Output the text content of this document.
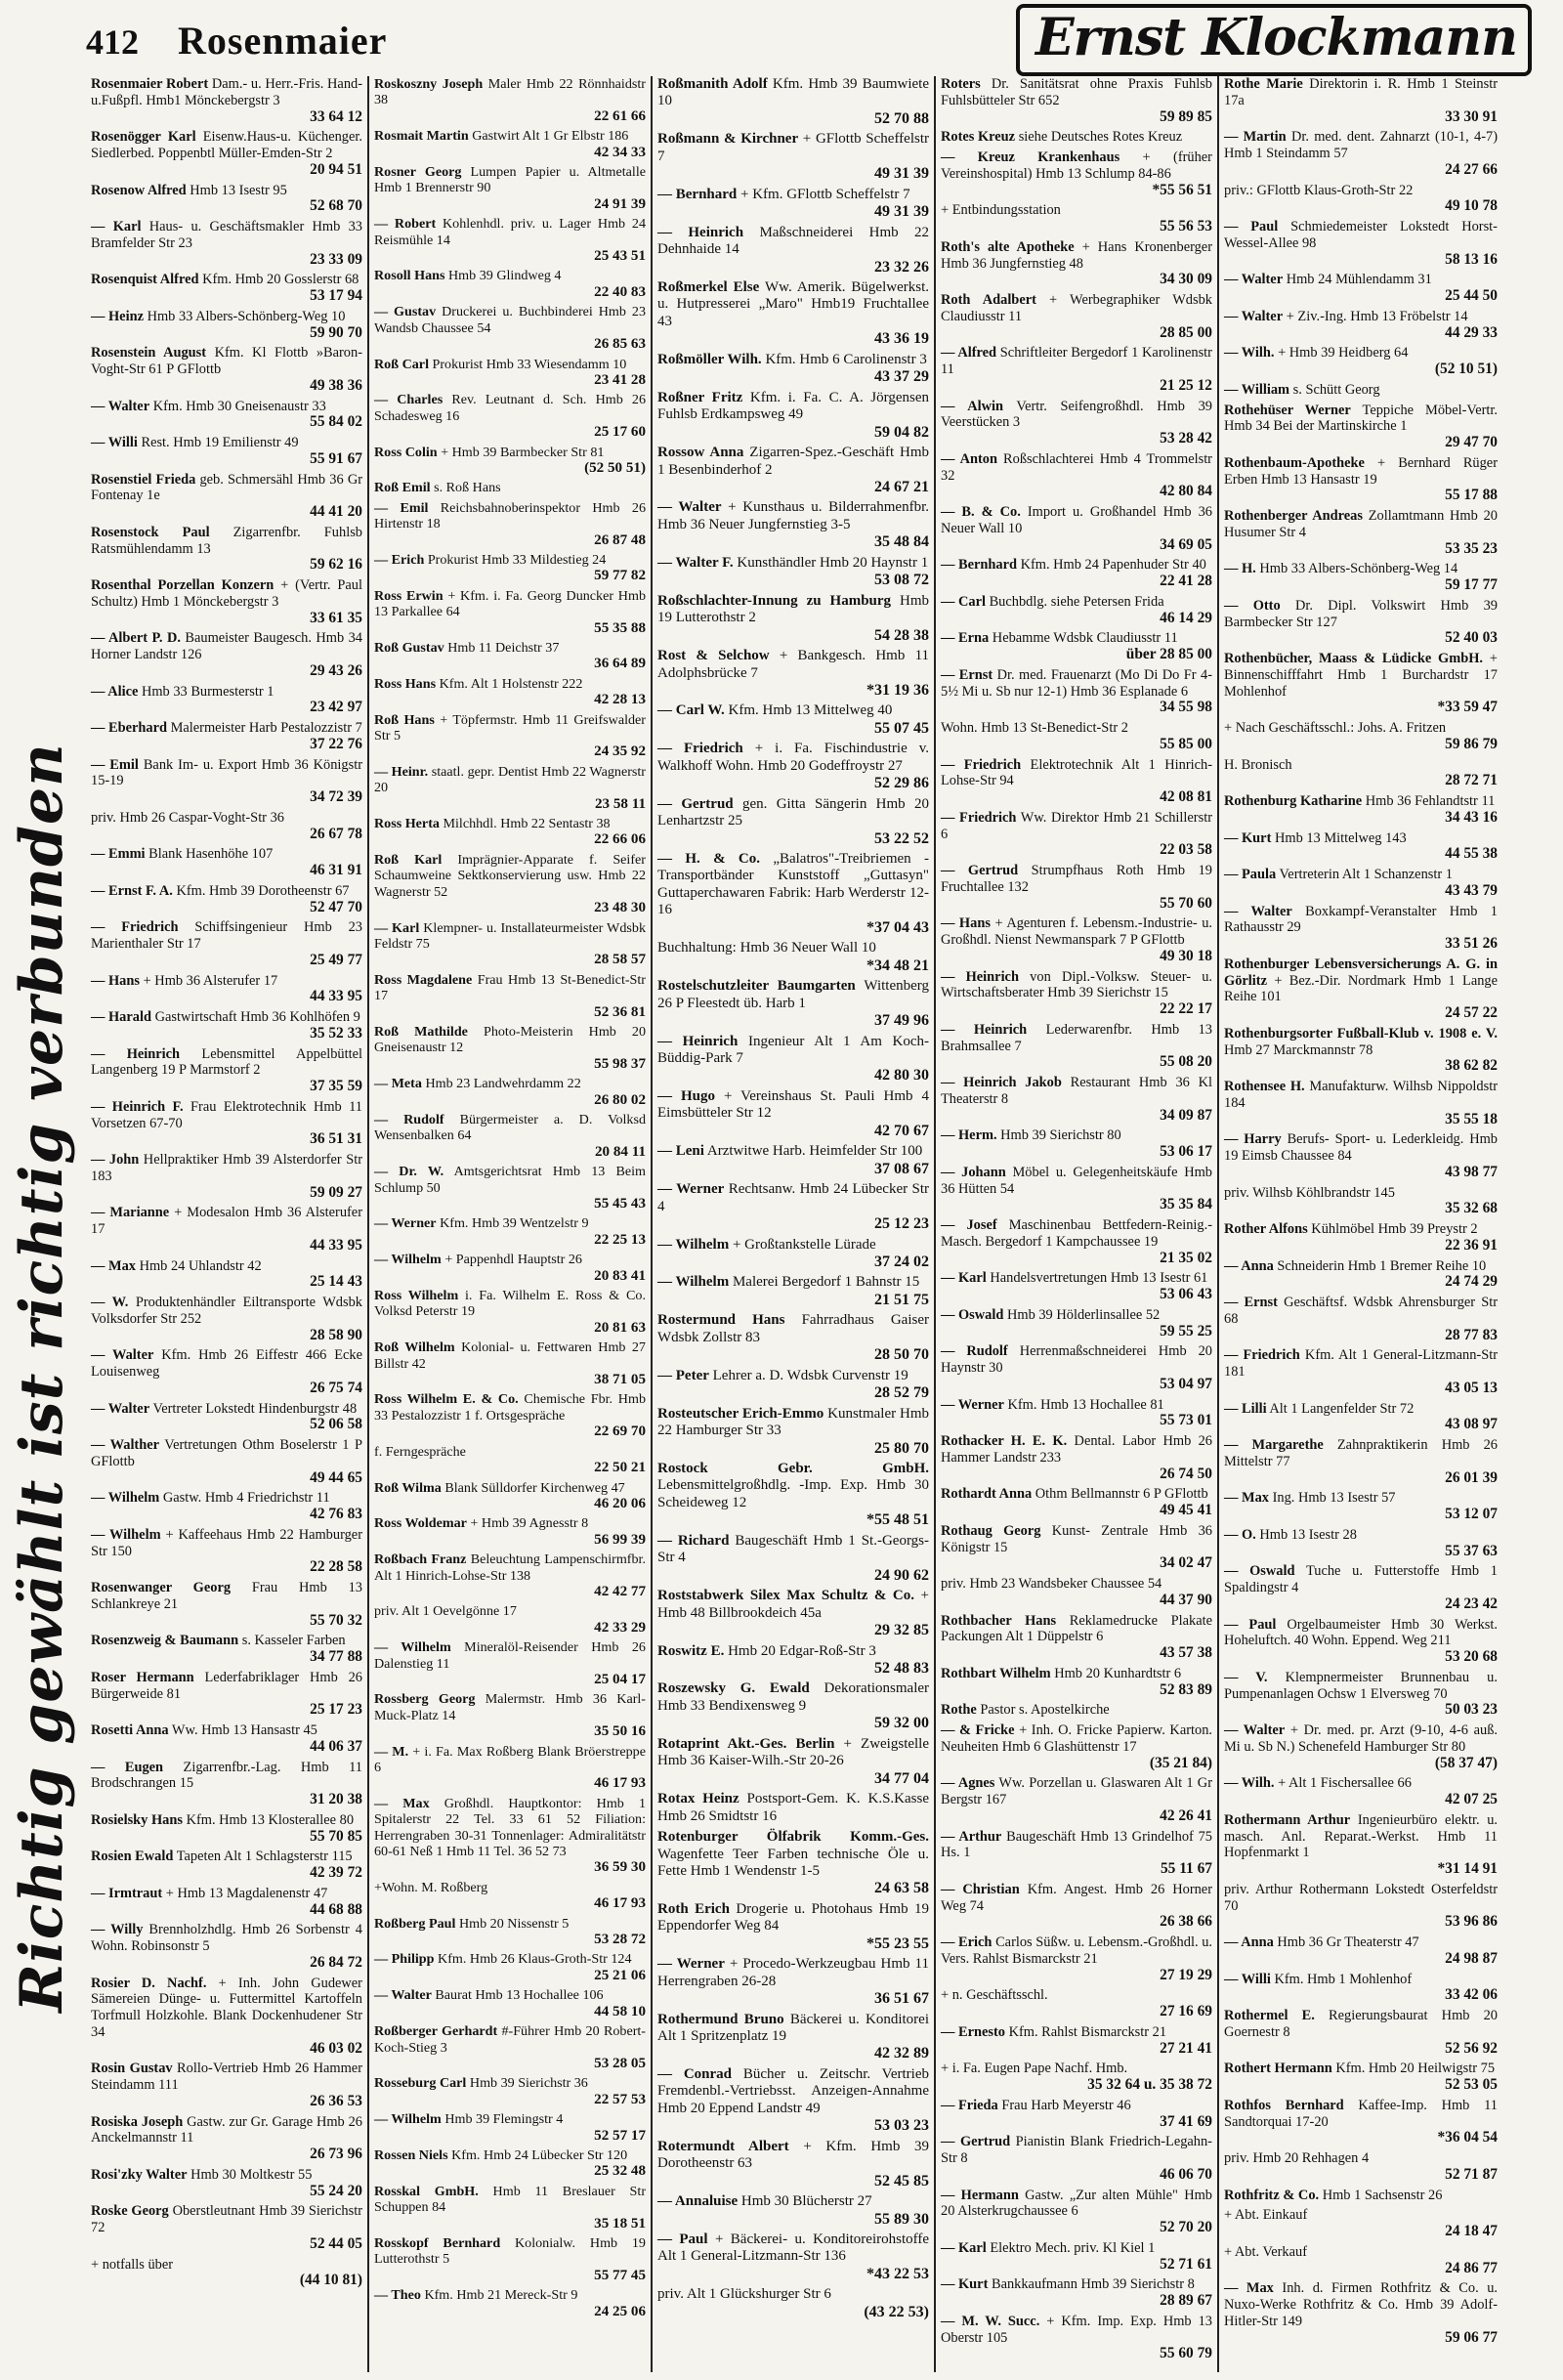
412 Rosenmaier	Ernst Klockmann
Richtig gewählt ist richtig verbunden
Rosenmaier Robert Dam.- u. Herr.-Fris. Hand-u.Fußpfl. Hmb1 Mönckebergstr 3
33 64 12
Rosenögger Karl Eisenw.Haus-u. Küchenger. Siedlerbed. Poppenbtl Müller-Emden-Str 2
20 94 51
Rosenow Alfred Hmb 13 Isestr 95
52 68 70
— Karl Haus- u. Geschäftsmakler Hmb 33 Bramfelder Str 23
23 33 09
Rosenquist Alfred Kfm. Hmb 20 Gosslerstr 68
53 17 94
— Heinz Hmb 33 Albers-Schönberg-Weg 10
59 90 70
Rosenstein August Kfm. Kl Flottb »Baron-Voght-Str 61 P GFlottb
49 38 36
— Walter Kfm. Hmb 30 Gneisenaustr 33
55 84 02
— Willi Rest. Hmb 19 Emilienstr 49
55 91 67
Rosenstiel Frieda geb. Schmersähl Hmb 36 Gr Fontenay 1e
44 41 20
Rosenstock Paul Zigarrenfbr. Fuhlsb Ratsmühlendamm 13
59 62 16
Rosenthal Porzellan Konzern + (Vertr. Paul Schultz) Hmb 1 Mönckebergstr 3
33 61 35
— Albert P. D. Baumeister Baugesch. Hmb 34 Horner Landstr 126
29 43 26
— Alice Hmb 33 Burmesterstr 1
23 42 97
— Eberhard Malermeister Harb Pestalozzistr 7
37 22 76
— Emil Bank Im- u. Export Hmb 36 Königstr 15-19
34 72 39
priv. Hmb 26 Caspar-Voght-Str 36
26 67 78
— Emmi Blank Hasenhöhe 107
46 31 91
— Ernst F. A. Kfm. Hmb 39 Dorotheenstr 67
52 47 70
— Friedrich Schiffsingenieur Hmb 23 Marienthaler Str 17
25 49 77
— Hans + Hmb 36 Alsterufer 17
44 33 95
— Harald Gastwirtschaft Hmb 36 Kohlhöfen 9
35 52 33
— Heinrich Lebensmittel Appelbüttel Langenberg 19 P Marmstorf 2
37 35 59
— Heinrich F. Frau Elektrotechnik Hmb 11 Vorsetzen 67-70
36 51 31
— John Hellpraktiker Hmb 39 Alsterdorfer Str 183
59 09 27
— Marianne + Modesalon Hmb 36 Alsterufer 17
44 33 95
— Max Hmb 24 Uhlandstr 42
25 14 43
— W. Produktenhändler Eiltransporte Wdsbk Volksdorfer Str 252
28 58 90
— Walter Kfm. Hmb 26 Eiffestr 466 Ecke Louisenweg
26 75 74
— Walter Vertreter Lokstedt Hindenburgstr 48
52 06 58
— Walther Vertretungen Othm Boselerstr 1 P GFlottb
49 44 65
— Wilhelm Gastw. Hmb 4 Friedrichstr 11
42 76 83
— Wilhelm + Kaffeehaus Hmb 22 Hamburger Str 150
22 28 58
Rosenwanger Georg Frau Hmb 13 Schlankreye 21
55 70 32
Rosenzweig & Baumann s. Kasseler Farben
34 77 88
Roser Hermann Lederfabriklager Hmb 26 Bürgerweide 81
25 17 23
Rosetti Anna Ww. Hmb 13 Hansastr 45
44 06 37
— Eugen Zigarrenfbr.-Lag. Hmb 11 Brodschrangen 15
31 20 38
Rosielsky Hans Kfm. Hmb 13 Klosterallee 80
55 70 85
Rosien Ewald Tapeten Alt 1 Schlagsterstr 115
42 39 72
— Irmtraut + Hmb 13 Magdalenenstr 47
44 68 88
— Willy Brennholzhdlg. Hmb 26 Sorbenstr 4 Wohn. Robinsonstr 5
26 84 72
Rosier D. Nachf. + Inh. John Gudewer Sämereien Dünge- u. Futtermittel Kartoffeln Torfmull Holzkohle. Blank Dockenhudener Str 34
46 03 02
Rosin Gustav Rollo-Vertrieb Hmb 26 Hammer Steindamm 111
26 36 53
Rosiska Joseph Gastw. zur Gr. Garage Hmb 26 Anckelmannstr 11
26 73 96
Rosi'zky Walter Hmb 30 Moltkestr 55
55 24 20
Roske Georg Oberstleutnant Hmb 39 Sierichstr 72
52 44 05
+ notfalls über
(44 10 81)
Roskoszny Joseph Maler Hmb 22 Rönnhaidstr 38
22 61 66
Rosmait Martin Gastwirt Alt 1 Gr Elbstr 186
42 34 33
Rosner Georg Lumpen Papier u. Altmetalle Hmb 1 Brennerstr 90
24 91 39
— Robert Kohlenhdl. priv. u. Lager Hmb 24 Reismühle 14
25 43 51
Rosoll Hans Hmb 39 Glindweg 4
22 40 83
— Gustav Druckerei u. Buchbinderei Hmb 23 Wandsb Chaussee 54
26 85 63
Roß Carl Prokurist Hmb 33 Wiesendamm 10
23 41 28
— Charles Rev. Leutnant d. Sch. Hmb 26 Schadesweg 16
25 17 60
Ross Colin + Hmb 39 Barmbecker Str 81
(52 50 51)
Roß Emil s. Roß Hans
— Emil Reichsbahnoberinspektor Hmb 26 Hirtenstr 18
26 87 48
— Erich Prokurist Hmb 33 Mildestieg 24
59 77 82
Ross Erwin + Kfm. i. Fa. Georg Duncker Hmb 13 Parkallee 64
55 35 88
Roß Gustav Hmb 11 Deichstr 37
36 64 89
Ross Hans Kfm. Alt 1 Holstenstr 222
42 28 13
Roß Hans + Töpfermstr. Hmb 11 Greifswalder Str 5
24 35 92
— Heinr. staatl. gepr. Dentist Hmb 22 Wagnerstr 20
23 58 11
Ross Herta Milchhdl. Hmb 22 Sentastr 38
22 66 06
Roß Karl Imprägnier-Apparate f. Seifer Schaumweine Sektkonservierung usw. Hmb 22 Wagnerstr 52
23 48 30
— Karl Klempner- u. Installateurmeister Wdsbk Feldstr 75
28 58 57
Ross Magdalene Frau Hmb 13 St-Benedict-Str 17
52 36 81
Roß Mathilde Photo-Meisterin Hmb 20 Gneisenaustr 12
55 98 37
— Meta Hmb 23 Landwehrdamm 22
26 80 02
— Rudolf Bürgermeister a. D. Volksd Wensenbalken 64
20 84 11
— Dr. W. Amtsgerichtsrat Hmb 13 Beim Schlump 50
55 45 43
— Werner Kfm. Hmb 39 Wentzelstr 9
22 25 13
— Wilhelm + Pappenhdl Hauptstr 26
20 83 41
Ross Wilhelm i. Fa. Wilhelm E. Ross & Co. Volksd Peterstr 19
20 81 63
Roß Wilhelm Kolonial- u. Fettwaren Hmb 27 Billstr 42
38 71 05
Ross Wilhelm E. & Co. Chemische Fbr. Hmb 33 Pestalozzistr 1 f. Ortsgespräche
22 69 70
f. Ferngespräche
22 50 21
Roß Wilma Blank Sülldorfer Kirchenweg 47
46 20 06
Ross Woldemar + Hmb 39 Agnesstr 8
56 99 39
Roßbach Franz Beleuchtung Lampenschirmfbr. Alt 1 Hinrich-Lohse-Str 138
42 42 77
priv. Alt 1 Oevelgönne 17
42 33 29
— Wilhelm Mineralöl-Reisender Hmb 26 Dalenstieg 11
25 04 17
Rossberg Georg Malermstr. Hmb 36 Karl-Muck-Platz 14
35 50 16
— M. + i. Fa. Max Roßberg Blank Bröerstreppe 6
46 17 93
— Max Großhdl. Hauptkontor: Hmb 1 Spitalerstr 22 Tel. 33 61 52 Filiation: Herrengraben 30-31 Tonnenlager: Admiralitätstr 60-61 Neß 1 Hmb 11 Tel. 36 52 73
36 59 30
+Wohn. M. Roßberg
46 17 93
Roßberg Paul Hmb 20 Nissenstr 5
53 28 72
— Philipp Kfm. Hmb 26 Klaus-Groth-Str 124
25 21 06
— Walter Baurat Hmb 13 Hochallee 106
44 58 10
Roßberger Gerhardt #-Führer Hmb 20 Robert-Koch-Stieg 3
53 28 05
Rosseburg Carl Hmb 39 Sierichstr 36
22 57 53
— Wilhelm Hmb 39 Flemingstr 4
52 57 17
Rossen Niels Kfm. Hmb 24 Lübecker Str 120
25 32 48
Rosskal GmbH. Hmb 11 Breslauer Str Schuppen 84
35 18 51
Rosskopf Bernhard Kolonialw. Hmb 19 Lutterothstr 5
55 77 45
— Theo Kfm. Hmb 21 Mereck-Str 9
24 25 06
Roßmanith Adolf Kfm. Hmb 39 Baumwiete 10
52 70 88
Roßmann & Kirchner + GFlottb Scheffelstr 7
49 31 39
— Bernhard + Kfm. GFlottb Scheffelstr 7
49 31 39
— Heinrich Maßschneiderei Hmb 22 Dehnhaide 14
23 32 26
Roßmerkel Else Ww. Amerik. Bügelwerkst. u. Hutpresserei „Maro" Hmb19 Fruchtallee 43
43 36 19
Roßmöller Wilh. Kfm. Hmb 6 Carolinenstr 3
43 37 29
Roßner Fritz Kfm. i. Fa. C. A. Jörgensen Fuhlsb Erdkampsweg 49
59 04 82
Rossow Anna Zigarren-Spez.-Geschäft Hmb 1 Besenbinderhof 2
24 67 21
— Walter + Kunsthaus u. Bilderrahmenfbr. Hmb 36 Neuer Jungfernstieg 3-5
35 48 84
— Walter F. Kunsthändler Hmb 20 Haynstr 1
53 08 72
Roßschlachter-Innung zu Hamburg Hmb 19 Lutterothstr 2
54 28 38
Rost & Selchow + Bankgesch. Hmb 11 Adolphsbrücke 7
*31 19 36
— Carl W. Kfm. Hmb 13 Mittelweg 40
55 07 45
— Friedrich + i. Fa. Fischindustrie v. Walkhoff Wohn. Hmb 20 Godeffroystr 27
52 29 86
— Gertrud gen. Gitta Sängerin Hmb 20 Lenhartzstr 25
53 22 52
— H. & Co. „Balatros"-Treibriemen - Transportbänder Kunststoff „Guttasyn" Guttaperchawaren Fabrik: Harb Werderstr 12-16
*37 04 43
Buchhaltung: Hmb 36 Neuer Wall 10
*34 48 21
Rostelschutzleiter Baumgarten Wittenberg 26 P Fleestedt üb. Harb 1
37 49 96
— Heinrich Ingenieur Alt 1 Am Koch-Büddig-Park 7
42 80 30
— Hugo + Vereinshaus St. Pauli Hmb 4 Eimsbütteler Str 12
42 70 67
— Leni Arztwitwe Harb. Heimfelder Str 100
37 08 67
— Werner Rechtsanw. Hmb 24 Lübecker Str 4
25 12 23
— Wilhelm + Großtankstelle Lürade
37 24 02
— Wilhelm Malerei Bergedorf 1 Bahnstr 15
21 51 75
Rostermund Hans Fahrradhaus Gaiser Wdsbk Zollstr 83
28 50 70
— Peter Lehrer a. D. Wdsbk Curvenstr 19
28 52 79
Rosteutscher Erich-Emmo Kunstmaler Hmb 22 Hamburger Str 33
25 80 70
Rostock Gebr. GmbH. Lebensmittelgroßhdlg. -Imp. Exp. Hmb 30 Scheideweg 12
*55 48 51
— Richard Baugeschäft Hmb 1 St.-Georgs-Str 4
24 90 62
Roststabwerk Silex Max Schultz & Co. + Hmb 48 Billbrookdeich 45a
29 32 85
Roswitz E. Hmb 20 Edgar-Roß-Str 3
52 48 83
Roszewsky G. Ewald Dekorationsmaler Hmb 33 Bendixensweg 9
59 32 00
Rotaprint Akt.-Ges. Berlin + Zweigstelle Hmb 36 Kaiser-Wilh.-Str 20-26
34 77 04
Rotax Heinz Postsport-Gem. K. K.S.Kasse Hmb 26 Smidtstr 16
Rotenburger Ölfabrik Komm.-Ges. Wagenfette Teer Farben technische Öle u. Fette Hmb 1 Wendenstr 1-5
24 63 58
Roth Erich Drogerie u. Photohaus Hmb 19 Eppendorfer Weg 84
*55 23 55
— Werner + Procedo-Werkzeugbau Hmb 11 Herrengraben 26-28
36 51 67
Rothermund Bruno Bäckerei u. Konditorei Alt 1 Spritzenplatz 19
42 32 89
— Conrad Bücher u. Zeitschr. Vertrieb Fremdenbl.-Vertriebsst. Anzeigen-Annahme Hmb 20 Eppend Landstr 49
53 03 23
Rotermundt Albert + Kfm. Hmb 39 Dorotheenstr 63
52 45 85
— Annaluise Hmb 30 Blücherstr 27
55 89 30
— Paul + Bäckerei- u. Konditoreirohstoffe Alt 1 General-Litzmann-Str 136
*43 22 53
priv. Alt 1 Glückshurger Str 6
(43 22 53)
Roters Dr. Sanitätsrat ohne Praxis Fuhlsb Fuhlsbütteler Str 652
59 89 85
Rotes Kreuz siehe Deutsches Rotes Kreuz
— Kreuz Krankenhaus + (früher Vereinshospital) Hmb 13 Schlump 84-86
*55 56 51
+ Entbindungsstation
55 56 53
Roth's alte Apotheke + Hans Kronenberger Hmb 36 Jungfernstieg 48
34 30 09
Roth Adalbert + Werbegraphiker Wdsbk Claudiusstr 11
28 85 00
— Alfred Schriftleiter Bergedorf 1 Karolinenstr 11
21 25 12
— Alwin Vertr. Seifengroßhdl. Hmb 39 Veerstücken 3
53 28 42
— Anton Roßschlachterei Hmb 4 Trommelstr 32
42 80 84
— B. & Co. Import u. Großhandel Hmb 36 Neuer Wall 10
34 69 05
— Bernhard Kfm. Hmb 24 Papenhuder Str 40
22 41 28
— Carl Buchbdlg. siehe Petersen Frida
46 14 29
— Erna Hebamme Wdsbk Claudiusstr 11
über 28 85 00
— Ernst Dr. med. Frauenarzt (Mo Di Do Fr 4-5½ Mi u. Sb nur 12-1) Hmb 36 Esplanade 6
34 55 98
Wohn. Hmb 13 St-Benedict-Str 2
55 85 00
— Friedrich Elektrotechnik Alt 1 Hinrich-Lohse-Str 94
42 08 81
— Friedrich Ww. Direktor Hmb 21 Schillerstr 6
22 03 58
— Gertrud Strumpfhaus Roth Hmb 19 Fruchtallee 132
55 70 60
— Hans + Agenturen f. Lebensm.-Industrie- u. Großhdl. Nienst Newmanspark 7 P GFlottb
49 30 18
— Heinrich von Dipl.-Volksw. Steuer- u. Wirtschaftsberater Hmb 39 Sierichstr 15
22 22 17
— Heinrich Lederwarenfbr. Hmb 13 Brahmsallee 7
55 08 20
— Heinrich Jakob Restaurant Hmb 36 Kl Theaterstr 8
34 09 87
— Herm. Hmb 39 Sierichstr 80
53 06 17
— Johann Möbel u. Gelegenheitskäufe Hmb 36 Hütten 54
35 35 84
— Josef Maschinenbau Bettfedern-Reinig.-Masch. Bergedorf 1 Kampchaussee 19
21 35 02
— Karl Handelsvertretungen Hmb 13 Isestr 61
53 06 43
— Oswald Hmb 39 Hölderlinsallee 52
59 55 25
— Rudolf Herrenmaßschneiderei Hmb 20 Haynstr 30
53 04 97
— Werner Kfm. Hmb 13 Hochallee 81
55 73 01
Rothacker H. E. K. Dental. Labor Hmb 26 Hammer Landstr 233
26 74 50
Rothardt Anna Othm Bellmannstr 6 P GFlottb
49 45 41
Rothaug Georg Kunst- Zentrale Hmb 36 Königstr 15
34 02 47
priv. Hmb 23 Wandsbeker Chaussee 54
44 37 90
Rothbacher Hans Reklamedrucke Plakate Packungen Alt 1 Düppelstr 6
43 57 38
Rothbart Wilhelm Hmb 20 Kunhardtstr 6
52 83 89
Rothe Pastor s. Apostelkirche
— & Fricke + Inh. O. Fricke Papierw. Karton. Neuheiten Hmb 6 Glashüttenstr 17
(35 21 84)
— Agnes Ww. Porzellan u. Glaswaren Alt 1 Gr Bergstr 167
42 26 41
— Arthur Baugeschäft Hmb 13 Grindelhof 75 Hs. 1
55 11 67
— Christian Kfm. Angest. Hmb 26 Horner Weg 74
26 38 66
— Erich Carlos Süßw. u. Lebensm.-Großhdl. u. Vers. Rahlst Bismarckstr 21
27 19 29
+ n. Geschäftsschl.
27 16 69
— Ernesto Kfm. Rahlst Bismarckstr 21
27 21 41
+ i. Fa. Eugen Pape Nachf. Hmb.
35 32 64 u. 35 38 72
— Frieda Frau Harb Meyerstr 46
37 41 69
— Gertrud Pianistin Blank Friedrich-Legahn-Str 8
46 06 70
— Hermann Gastw. „Zur alten Mühle" Hmb 20 Alsterkrugchaussee 6
52 70 20
— Karl Elektro Mech. priv. Kl Kiel 1
52 71 61
— Kurt Bankkaufmann Hmb 39 Sierichstr 8
28 89 67
— M. W. Succ. + Kfm. Imp. Exp. Hmb 13 Oberstr 105
55 60 79
Rothe Marie Direktorin i. R. Hmb 1 Steinstr 17a
33 30 91
— Martin Dr. med. dent. Zahnarzt (10-1, 4-7) Hmb 1 Steindamm 57
24 27 66
priv.: GFlottb Klaus-Groth-Str 22
49 10 78
— Paul Schmiedemeister Lokstedt Horst-Wessel-Allee 98
58 13 16
— Walter Hmb 24 Mühlendamm 31
25 44 50
— Walter + Ziv.-Ing. Hmb 13 Fröbelstr 14
44 29 33
— Wilh. + Hmb 39 Heidberg 64
(52 10 51)
— William s. Schütt Georg
Rothehüser Werner Teppiche Möbel-Vertr. Hmb 34 Bei der Martinskirche 1
29 47 70
Rothenbaum-Apotheke + Bernhard Rüger Erben Hmb 13 Hansastr 19
55 17 88
Rothenberger Andreas Zollamtmann Hmb 20 Husumer Str 4
53 35 23
— H. Hmb 33 Albers-Schönberg-Weg 14
59 17 77
— Otto Dr. Dipl. Volkswirt Hmb 39 Barmbecker Str 127
52 40 03
Rothenbücher, Maass & Lüdicke GmbH. + Binnenschifffahrt Hmb 1 Burchardstr 17 Mohlenhof
*33 59 47
+ Nach Geschäftsschl.: Johs. A. Fritzen
59 86 79
H. Bronisch
28 72 71
Rothenburg Katharine Hmb 36 Fehlandtstr 11
34 43 16
— Kurt Hmb 13 Mittelweg 143
44 55 38
— Paula Vertreterin Alt 1 Schanzenstr 1
43 43 79
— Walter Boxkampf-Veranstalter Hmb 1 Rathausstr 29
33 51 26
Rothenburger Lebensversicherungs A. G. in Görlitz + Bez.-Dir. Nordmark Hmb 1 Lange Reihe 101
24 57 22
Rothenburgsorter Fußball-Klub v. 1908 e. V. Hmb 27 Marckmannstr 78
38 62 82
Rothensee H. Manufakturw. Wilhsb Nippoldstr 184
35 55 18
— Harry Berufs- Sport- u. Lederkleidg. Hmb 19 Eimsb Chaussee 84
43 98 77
priv. Wilhsb Köhlbrandstr 145
35 32 68
Rother Alfons Kühlmöbel Hmb 39 Preystr 2
22 36 91
— Anna Schneiderin Hmb 1 Bremer Reihe 10
24 74 29
— Ernst Geschäftsf. Wdsbk Ahrensburger Str 68
28 77 83
— Friedrich Kfm. Alt 1 General-Litzmann-Str 181
43 05 13
— Lilli Alt 1 Langenfelder Str 72
43 08 97
— Margarethe Zahnpraktikerin Hmb 26 Mittelstr 77
26 01 39
— Max Ing. Hmb 13 Isestr 57
53 12 07
— O. Hmb 13 Isestr 28
55 37 63
— Oswald Tuche u. Futterstoffe Hmb 1 Spaldingstr 4
24 23 42
— Paul Orgelbaumeister Hmb 30 Werkst. Hoheluftch. 40 Wohn. Eppend. Weg 211
53 20 68
— V. Klempnermeister Brunnenbau u. Pumpenanlagen Ochsw 1 Elversweg 70
50 03 23
— Walter + Dr. med. pr. Arzt (9-10, 4-6 auß. Mi u. Sb N.) Schenefeld Hamburger Str 80
(58 37 47)
— Wilh. + Alt 1 Fischersallee 66
42 07 25
Rothermann Arthur Ingenieurbüro elektr. u. masch. Anl. Reparat.-Werkst. Hmb 11 Hopfenmarkt 1
*31 14 91
priv. Arthur Rothermann Lokstedt Osterfeldstr 70
53 96 86
— Anna Hmb 36 Gr Theaterstr 47
24 98 87
— Willi Kfm. Hmb 1 Mohlenhof
33 42 06
Rothermel E. Regierungsbaurat Hmb 20 Goernestr 8
52 56 92
Rothert Hermann Kfm. Hmb 20 Heilwigstr 75
52 53 05
Rothfos Bernhard Kaffee-Imp. Hmb 11 Sandtorquai 17-20
*36 04 54
priv. Hmb 20 Rehhagen 4
52 71 87
Rothfritz & Co. Hmb 1 Sachsenstr 26
+ Abt. Einkauf
24 18 47
+ Abt. Verkauf
24 86 77
— Max Inh. d. Firmen Rothfritz & Co. u. Nuxo-Werke Rothfritz & Co. Hmb 39 Adolf-Hitler-Str 149
59 06 77
